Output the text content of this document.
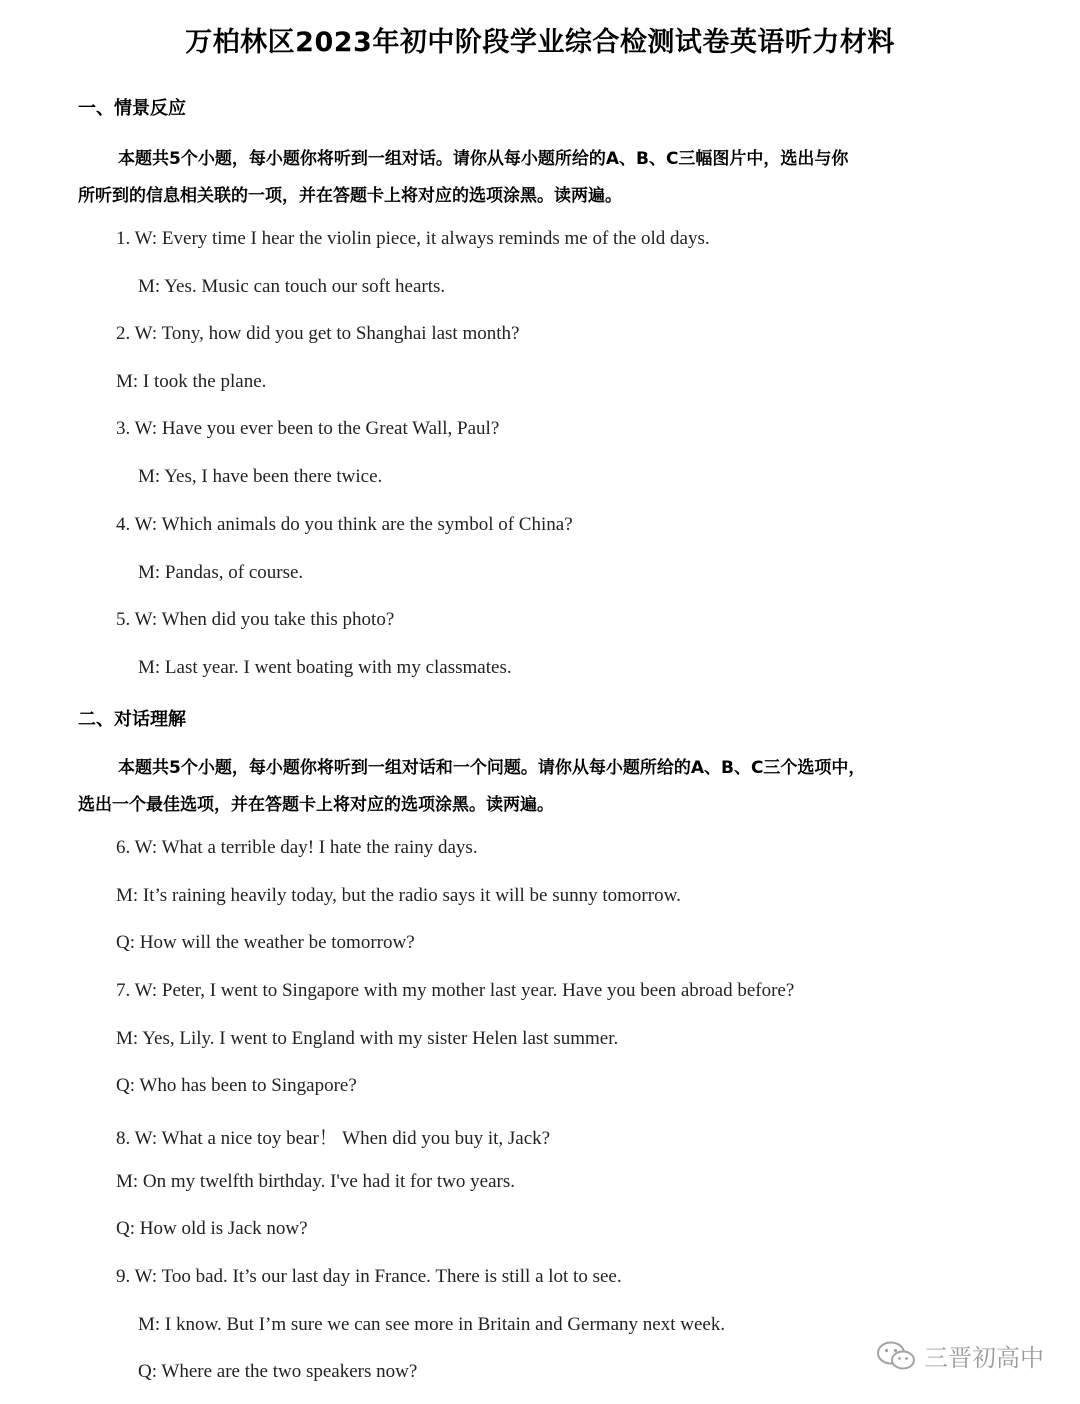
万柏林区2023年初中阶段学业综合检测试卷英语听力材料
一、情景反应
本题共5个小题，每小题你将听到一组对话。请你从每小题所给的A、B、C三幅图片中，选出与你
所听到的信息相关联的一项，并在答题卡上将对应的选项涂黑。读两遍。
1. W: Every time I hear the violin piece, it always reminds me of the old days.
M: Yes. Music can touch our soft hearts.
2. W: Tony, how did you get to Shanghai last month?
M: I took the plane.
3. W: Have you ever been to the Great Wall, Paul?
M: Yes, I have been there twice.
4. W: Which animals do you think are the symbol of China?
M: Pandas, of course.
5. W: When did you take this photo?
M: Last year. I went boating with my classmates.
二、对话理解
本题共5个小题，每小题你将听到一组对话和一个问题。请你从每小题所给的A、B、C三个选项中，
选出一个最佳选项，并在答题卡上将对应的选项涂黑。读两遍。
6. W: What a terrible day! I hate the rainy days.
M: It’s raining heavily today, but the radio says it will be sunny tomorrow.
Q: How will the weather be tomorrow?
7. W: Peter, I went to Singapore with my mother last year. Have you been abroad before?
M: Yes, Lily. I went to England with my sister Helen last summer.
Q: Who has been to Singapore?
8. W: What a nice toy bear！ When did you buy it, Jack?
M: On my twelfth birthday. I've had it for two years.
Q: How old is Jack now?
9. W: Too bad. It’s our last day in France. There is still a lot to see.
M: I know. But I’m sure we can see more in Britain and Germany next week.
Q: Where are the two speakers now?	三晋初高中
